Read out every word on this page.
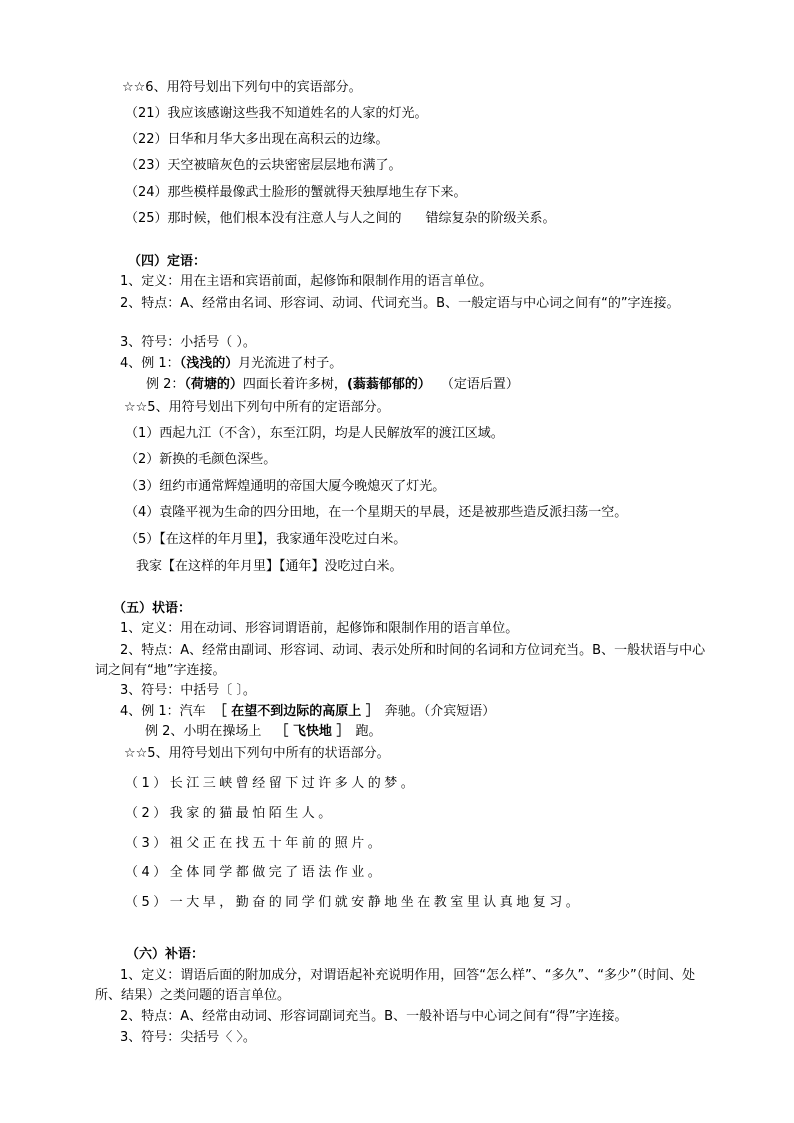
☆☆6、用符号划出下列句中的宾语部分。
（21）我应该感谢这些我不知道姓名的人家的灯光。
（22）日华和月华大多出现在高积云的边缘。
（23）天空被暗灰色的云块密密层层地布满了。
（24）那些模样最像武士脸形的蟹就得天独厚地生存下来。
（25）那时候，他们根本没有注意人与人之间的 错综复杂的阶级关系。
（四）定语：
1、定义：用在主语和宾语前面，起修饰和限制作用的语言单位。
2、特点：A、经常由名词、形容词、动词、代词充当。B、一般定语与中心词之间有“的”字连接。
3、符号：小括号（ ）。
4、例 1：（浅浅的）月光流进了村子。
例 2：（荷塘的）四面长着许多树，(蓊蓊郁郁的） （定语后置）
☆☆5、用符号划出下列句中所有的定语部分。
（1）西起九江（不含），东至江阴，均是人民解放军的渡江区域。
（2）新换的毛颜色深些。
（3）纽约市通常辉煌通明的帝国大厦今晚熄灭了灯光。
（4）袁隆平视为生命的四分田地，在一个星期天的早晨，还是被那些造反派扫荡一空。
（5）【在这样的年月里】，我家通年没吃过白米。
我家【在这样的年月里】【通年】没吃过白米。
（五）状语：
1、定义：用在动词、形容词谓语前，起修饰和限制作用的语言单位。
2、特点：A、经常由副词、形容词、动词、表示处所和时间的名词和方位词充当。B、一般状语与中心词之间有“地”字连接。
3、符号：中括号〔 〕。
4、例 1：汽车 ［ 在望不到边际的高原上 ］ 奔驰。（介宾短语）
例 2、小明在操场上 ［ 飞快地 ］ 跑。
☆☆5、用符号划出下列句中所有的状语部分。
（1）长江三峡曾经留下过许多人的梦。
（2）我家的猫最怕陌生人。
（3）祖父正在找五十年前的照片。
（4）全体同学都做完了语法作业。
（5）一大早，勤奋的同学们就安静地坐在教室里认真地复习。
（六）补语：
1、定义：谓语后面的附加成分，对谓语起补充说明作用，回答“怎么样”、“多久”、“多少”（时间、处所、结果）之类问题的语言单位。
2、特点：A、经常由动词、形容词副词充当。B、一般补语与中心词之间有“得”字连接。
3、符号：尖括号〈 〉。
